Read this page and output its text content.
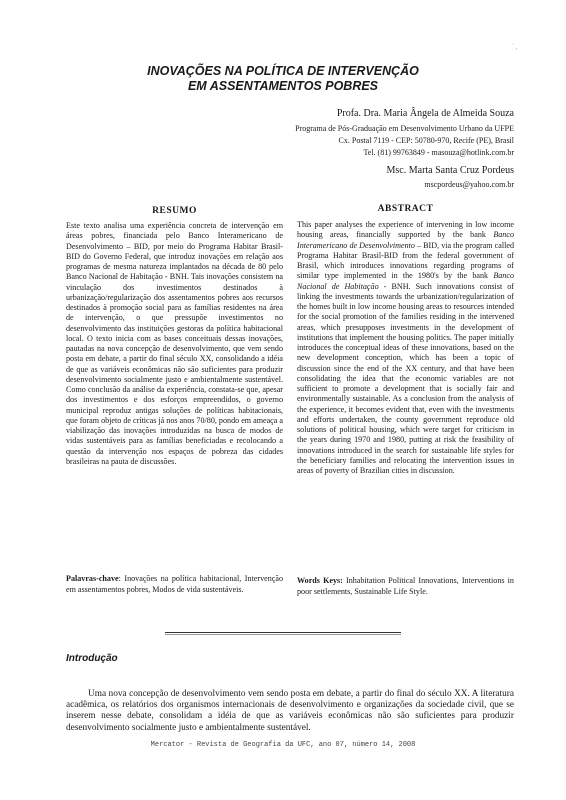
´ ¸
INOVAÇÕES NA POLÍTICA DE INTERVENÇÃO
EM ASSENTAMENTOS POBRES

Profa. Dra. Maria Ângela de Almeida Souza

Programa de Pós-Graduação em Desenvolvimento Urbano da UFPE

Cx. Postal 7119 - CEP: 50780-970, Recife (PE), Brasil

Tel. (81) 99763849 - masouza@hotlink.com.br

Msc. Marta Santa Cruz Pordeus

mscpordeus@yahoo.com.br

RESUMO

Este texto analisa uma experiência concreta de intervenção em áreas pobres, financiada pelo Banco Interamericano de Desenvolvimento – BID, por meio do Programa Habitar Brasil-BID do Governo Federal, que introduz inovações em relação aos programas de mesma natureza implantados na década de 80 pelo Banco Nacional de Habitação - BNH. Tais inovações consistem na vinculação dos investimentos destinados à urbanização/regularização dos assentamentos pobres aos recursos destinados à promoção social para as famílias residentes na área de intervenção, o que pressupõe investimentos no desenvolvimento das instituições gestoras da política habitacional local. O texto inicia com as bases conceituais dessas inovações, pautadas na nova concepção de desenvolvimento, que vem sendo posta em debate, a partir do final século XX, consolidando a idéia de que as variáveis econômicas não são suficientes para produzir desenvolvimento socialmente justo e ambientalmente sustentável. Como conclusão da análise da experiência, constata-se que, apesar dos investimentos e dos esforços empreendidos, o governo municipal reproduz antigas soluções de políticas habitacionais, que foram objeto de críticas já nos anos 70/80, pondo em ameaça a viabilização das inovações introduzidas na busca de modos de vidas sustentáveis para as famílias beneficiadas e recolocando a questão da intervenção nos espaços de pobreza das cidades brasileiras na pauta de discussões.

Palavras-chave: Inovações na política habitacional, Intervenção em assentamentos pobres, Modos de vida sustentáveis.

ABSTRACT

This paper analyses the experience of intervening in low income housing areas, financially supported by the bank Banco Interamericano de Desenvolvimento – BID, via the program called Programa Habitar Brasil-BID from the federal government of Brasil, which introduces innovations regarding programs of similar type implemented in the 1980's by the bank Banco Nacional de Habitação - BNH. Such innovations consist of linking the investments towards the urbanization/regularization of the homes built in low income housing areas to resources intended for the social promotion of the families residing in the intervened areas, which presupposes investments in the development of institutions that implement the housing politics. The paper initially introduces the conceptual ideas of these innovations, based on the new development conception, which has been a topic of discussion since the end of the XX century, and that have been consolidating the idea that the economic variables are not sufficient to promote a development that is socially fair and environmentally sustainable. As a conclusion from the analysis of the experience, it becomes evident that, even with the investments and efforts undertaken, the county government reproduce old solutions of political housing, which were target for criticism in the years during 1970 and 1980, putting at risk the feasibility of innovations introduced in the search for sustainable life styles for the beneficiary families and relocating the intervention issues in areas of poverty of Brazilian cities in discussion.

Words Keys: Inhabitation Political Innovations, Interventions in poor settlements, Sustainable Life Style.

Introdução

Uma nova concepção de desenvolvimento vem sendo posta em debate, a partir do final do século XX. A literatura acadêmica, os relatórios dos organismos internacionais de desenvolvimento e organizações da sociedade civil, que se inserem nesse debate, consolidam a idéia de que as variáveis econômicas não são suficientes para produzir desenvolvimento socialmente justo e ambientalmente sustentável.

Mercator - Revista de Geografia da UFC, ano 07, número 14, 2008
